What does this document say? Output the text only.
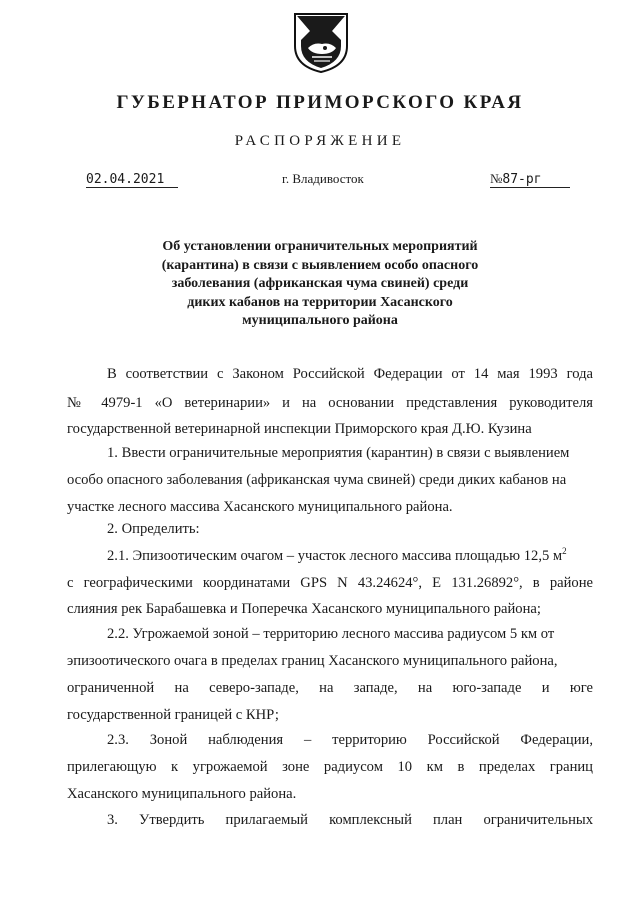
ГУБЕРНАТОР ПРИМОРСКОГО КРАЯ
РАСПОРЯЖЕНИЕ
02.04.2021	г. Владивосток	№87-рг
Об установлении ограничительных мероприятий
(карантина) в связи с выявлением особо опасного
заболевания (африканская чума свиней) среди
диких кабанов на территории Хасанского
муниципального района
В соответствии с Законом Российской Федерации от 14 мая 1993 года
№ 4979-1 «О ветеринарии» и на основании представления руководителя
государственной ветеринарной инспекции Приморского края Д.Ю. Кузина
1. Ввести ограничительные мероприятия (карантин) в связи с выявлением
особо опасного заболевания (африканская чума свиней) среди диких кабанов на
участке лесного массива Хасанского муниципального района.
2. Определить:
2.1. Эпизоотическим очагом – участок лесного массива площадью 12,5 $м^2$
с географическими координатами GPS N 43.24624°, E 131.26892°, в районе
слияния рек Барабашевка и Поперечка Хасанского муниципального района;
2.2. Угрожаемой зоной – территорию лесного массива радиусом 5 км от
эпизоотического очага в пределах границ Хасанского муниципального района,
ограниченной на северо-западе, на западе, на юго-западе и юге
государственной границей с КНР;
2.3. Зоной наблюдения – территорию Российской Федерации,
прилегающую к угрожаемой зоне радиусом 10 км в пределах границ
Хасанского муниципального района.
3. Утвердить прилагаемый комплексный план ограничительных
